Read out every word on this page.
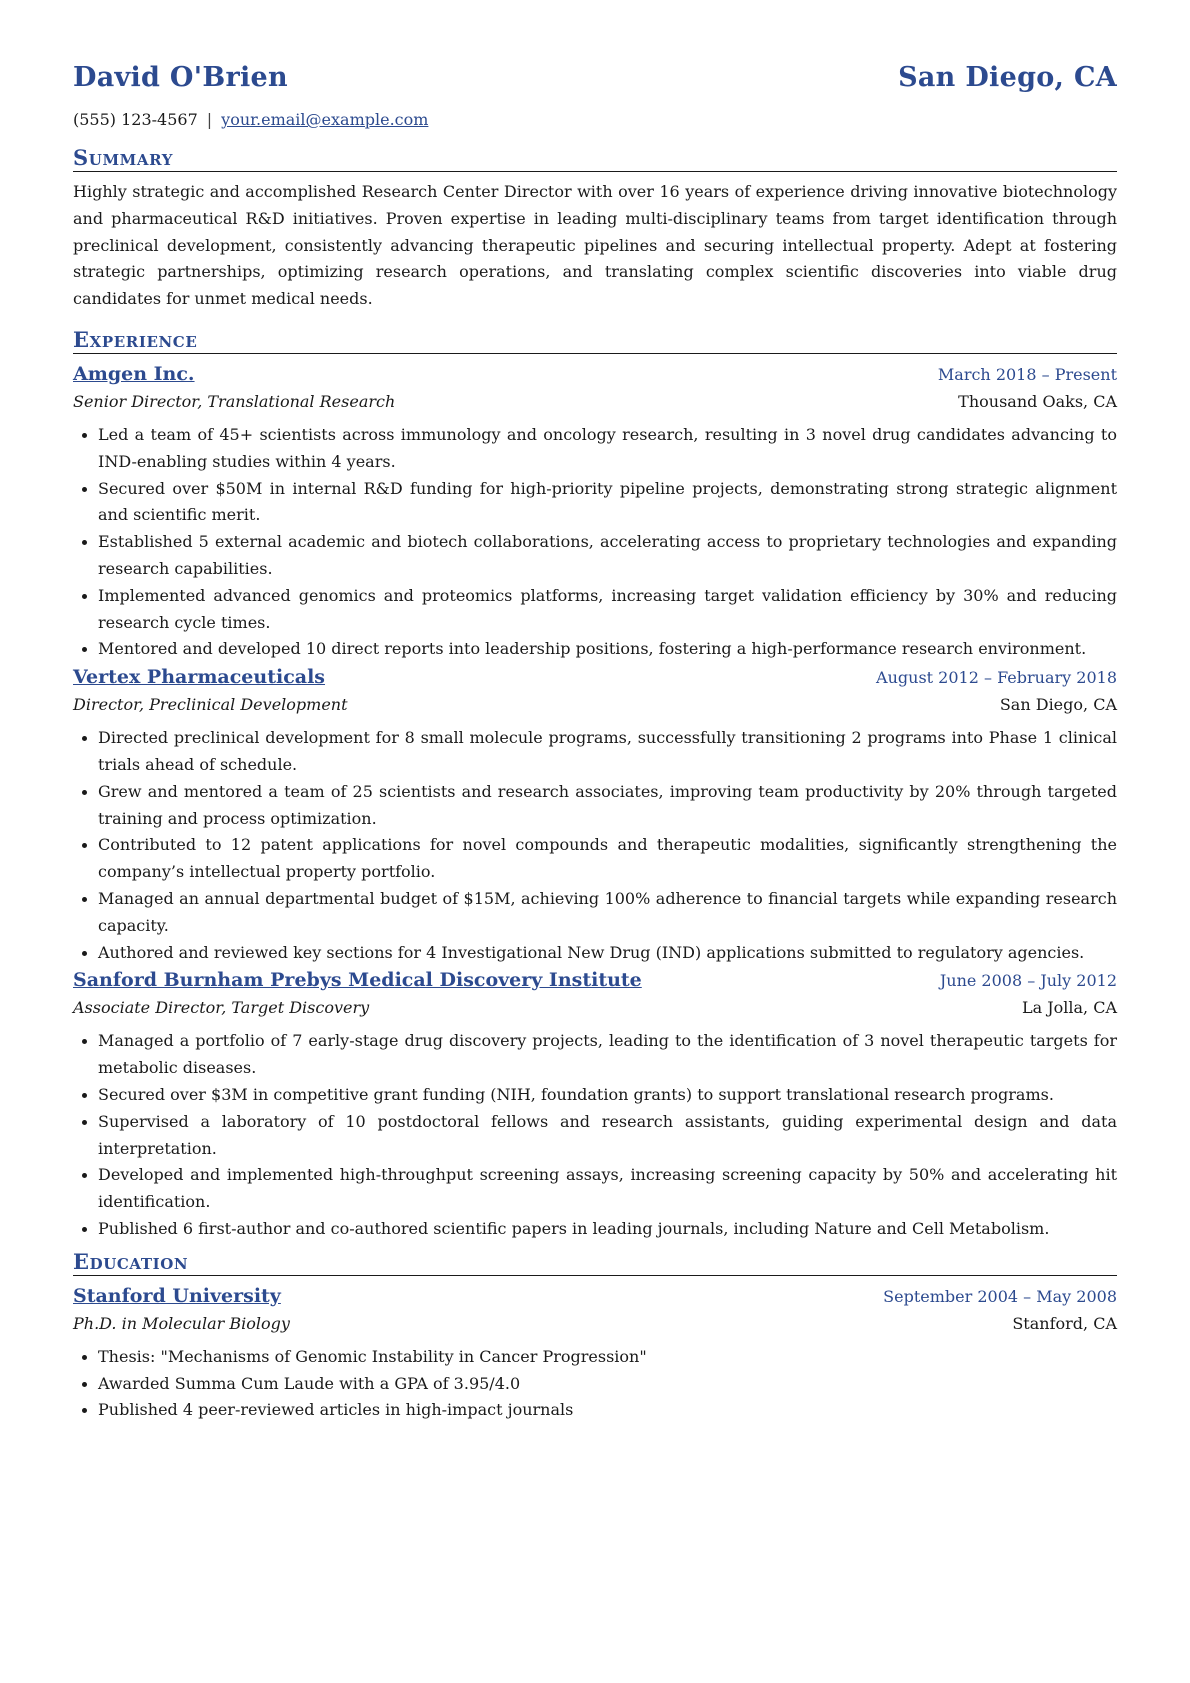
David O'Brien	San Diego, CA
(555) 123-4567 | your.email@example.com
Summary

Highly strategic and accomplished Research Center Director with over 16 years of experience driving innovative biotechnology and pharmaceutical R&D initiatives. Proven expertise in leading multi-disciplinary teams from target identification through preclinical development, consistently advancing therapeutic pipelines and securing intellectual property. Adept at fostering strategic partnerships, optimizing research operations, and translating complex scientific discoveries into viable drug candidates for unmet medical needs.

Experience
Amgen Inc.	March 2018 – Present
Senior Director, Translational Research	Thousand Oaks, CA
Led a team of 45+ scientists across immunology and oncology research, resulting in 3 novel drug candidates advancing to IND-enabling studies within 4 years.
Secured over $50M in internal R&D funding for high-priority pipeline projects, demonstrating strong strategic alignment and scientific merit.
Established 5 external academic and biotech collaborations, accelerating access to proprietary technologies and expanding research capabilities.
Implemented advanced genomics and proteomics platforms, increasing target validation efficiency by 30% and reducing research cycle times.
Mentored and developed 10 direct reports into leadership positions, fostering a high-performance research environment.
Vertex Pharmaceuticals	August 2012 – February 2018
Director, Preclinical Development	San Diego, CA
Directed preclinical development for 8 small molecule programs, successfully transitioning 2 programs into Phase 1 clinical trials ahead of schedule.
Grew and mentored a team of 25 scientists and research associates, improving team productivity by 20% through targeted training and process optimization.
Contributed to 12 patent applications for novel compounds and therapeutic modalities, significantly strengthening the company’s intellectual property portfolio.
Managed an annual departmental budget of $15M, achieving 100% adherence to financial targets while expanding research capacity.
Authored and reviewed key sections for 4 Investigational New Drug (IND) applications submitted to regulatory agencies.
Sanford Burnham Prebys Medical Discovery Institute	June 2008 – July 2012
Associate Director, Target Discovery	La Jolla, CA
Managed a portfolio of 7 early-stage drug discovery projects, leading to the identification of 3 novel therapeutic targets for metabolic diseases.
Secured over $3M in competitive grant funding (NIH, foundation grants) to support translational research programs.
Supervised a laboratory of 10 postdoctoral fellows and research assistants, guiding experimental design and data interpretation.
Developed and implemented high-throughput screening assays, increasing screening capacity by 50% and accelerating hit identification.
Published 6 first-author and co-authored scientific papers in leading journals, including Nature and Cell Metabolism.
Education
Stanford University	September 2004 – May 2008
Ph.D. in Molecular Biology	Stanford, CA
Thesis: "Mechanisms of Genomic Instability in Cancer Progression"
Awarded Summa Cum Laude with a GPA of 3.95/4.0
Published 4 peer-reviewed articles in high-impact journals
